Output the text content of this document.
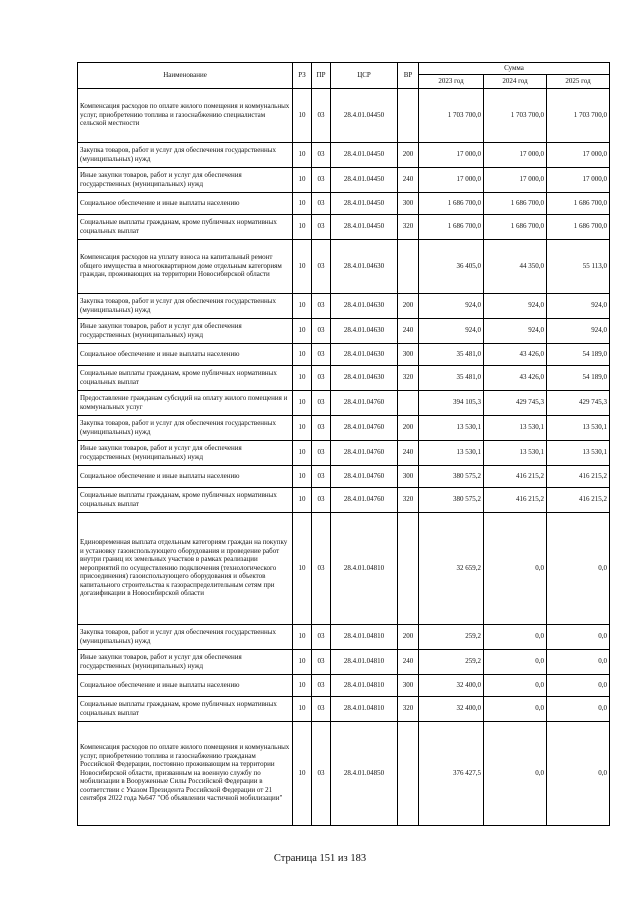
Наименование	РЗ	ПР	ЦСР	ВР	Сумма		
					2023 год	2024 год	2025 год
Компенсация расходов по оплате жилого помещения и коммунальных услуг, приобретению топлива и газоснабжению специалистам сельской местности	10	03	28.4.01.04450		1 703 700,0	1 703 700,0	1 703 700,0
Закупка товаров, работ и услуг для обеспечения государственных (муниципальных) нужд	10	03	28.4.01.04450	200	17 000,0	17 000,0	17 000,0
Иные закупки товаров, работ и услуг для обеспечения государственных (муниципальных) нужд	10	03	28.4.01.04450	240	17 000,0	17 000,0	17 000,0
Социальное обеспечение и иные выплаты населению	10	03	28.4.01.04450	300	1 686 700,0	1 686 700,0	1 686 700,0
Социальные выплаты гражданам, кроме публичных нормативных социальных выплат	10	03	28.4.01.04450	320	1 686 700,0	1 686 700,0	1 686 700,0
Компенсация расходов на уплату взноса на капитальный ремонт общего имущества в многоквартирном доме отдельным категориям граждан, проживающих на территории Новосибирской области	10	03	28.4.01.04630		36 405,0	44 350,0	55 113,0
Закупка товаров, работ и услуг для обеспечения государственных (муниципальных) нужд	10	03	28.4.01.04630	200	924,0	924,0	924,0
Иные закупки товаров, работ и услуг для обеспечения государственных (муниципальных) нужд	10	03	28.4.01.04630	240	924,0	924,0	924,0
Социальное обеспечение и иные выплаты населению	10	03	28.4.01.04630	300	35 481,0	43 426,0	54 189,0
Социальные выплаты гражданам, кроме публичных нормативных социальных выплат	10	03	28.4.01.04630	320	35 481,0	43 426,0	54 189,0
Предоставление гражданам субсидий на оплату жилого помещения и коммунальных услуг	10	03	28.4.01.04760		394 105,3	429 745,3	429 745,3
Закупка товаров, работ и услуг для обеспечения государственных (муниципальных) нужд	10	03	28.4.01.04760	200	13 530,1	13 530,1	13 530,1
Иные закупки товаров, работ и услуг для обеспечения государственных (муниципальных) нужд	10	03	28.4.01.04760	240	13 530,1	13 530,1	13 530,1
Социальное обеспечение и иные выплаты населению	10	03	28.4.01.04760	300	380 575,2	416 215,2	416 215,2
Социальные выплаты гражданам, кроме публичных нормативных социальных выплат	10	03	28.4.01.04760	320	380 575,2	416 215,2	416 215,2
Единовременная выплата отдельным категориям граждан на покупку и установку газоиспользующего оборудования и проведение работ внутри границ их земельных участков в рамках реализации мероприятий по осуществлению подключения (технологического присоединения) газоиспользующего оборудования и объектов капитального строительства к газораспределительным сетям при догазификации в Новосибирской области	10	03	28.4.01.04810		32 659,2	0,0	0,0
Закупка товаров, работ и услуг для обеспечения государственных (муниципальных) нужд	10	03	28.4.01.04810	200	259,2	0,0	0,0
Иные закупки товаров, работ и услуг для обеспечения государственных (муниципальных) нужд	10	03	28.4.01.04810	240	259,2	0,0	0,0
Социальное обеспечение и иные выплаты населению	10	03	28.4.01.04810	300	32 400,0	0,0	0,0
Социальные выплаты гражданам, кроме публичных нормативных социальных выплат	10	03	28.4.01.04810	320	32 400,0	0,0	0,0
Компенсация расходов по оплате жилого помещения и коммунальных услуг, приобретению топлива и газоснабжению гражданам Российской Федерации, постоянно проживающим на территории Новосибирской области, призванным на военную службу по мобилизации в Вооруженные Силы Российской Федерации в соответствии с Указом Президента Российской Федерации от 21 сентября 2022 года №647 "Об объявлении частичной мобилизации"	10	03	28.4.01.04850		376 427,5	0,0	0,0
Страница 151 из 183
